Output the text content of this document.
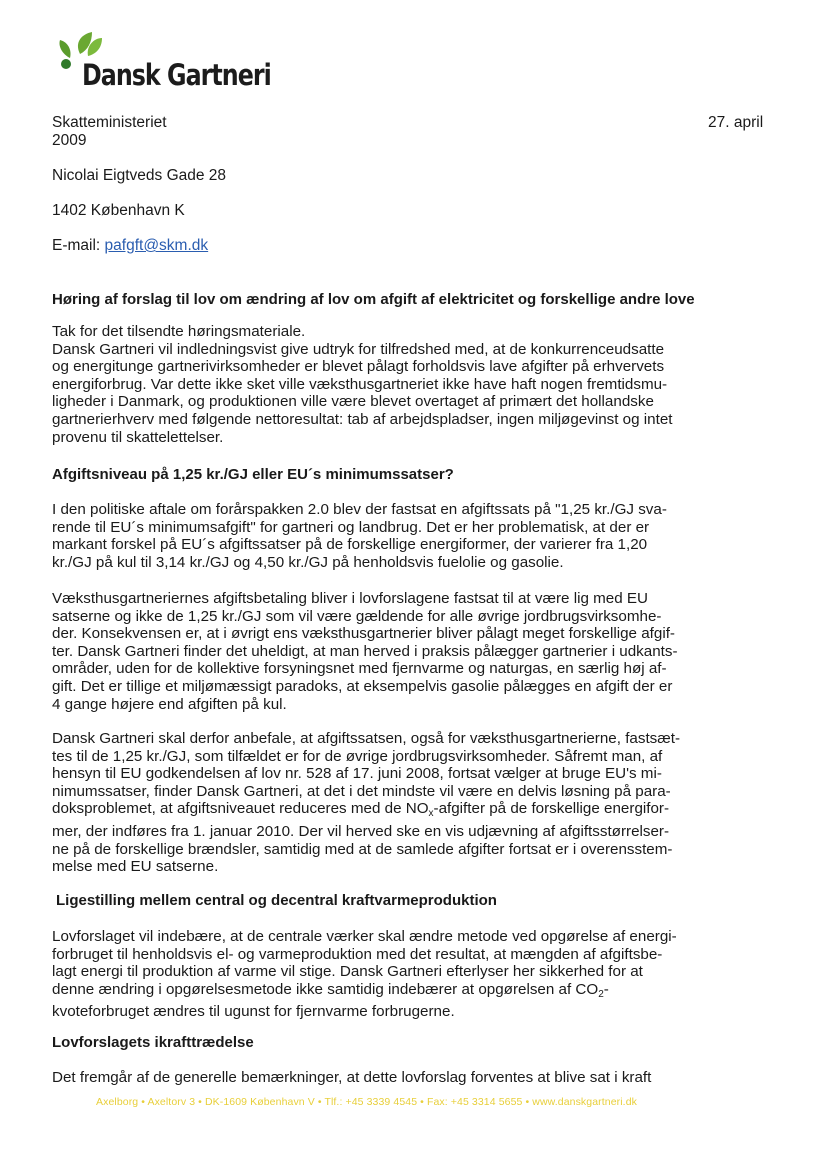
Dansk Gartneri
Skatteministeriet
2009
27. april
Nicolai Eigtveds Gade 28
1402 København K
E-mail: pafgft@skm.dk
Høring af forslag til lov om ændring af lov om afgift af elektricitet og forskellige andre love
Tak for det tilsendte høringsmateriale.
Dansk Gartneri vil indledningsvist give udtryk for tilfredshed med, at de konkurrenceudsatte
og energitunge gartnerivirksomheder er blevet pålagt forholdsvis lave afgifter på erhvervets
energiforbrug. Var dette ikke sket ville væksthusgartneriet ikke have haft nogen fremtidsmu-
ligheder i Danmark, og produktionen ville være blevet overtaget af primært det hollandske
gartnerierhverv med følgende nettoresultat: tab af arbejdspladser, ingen miljøgevinst og intet
provenu til skattelettelser.
Afgiftsniveau på 1,25 kr./GJ eller EU´s minimumssatser?
I den politiske aftale om forårspakken 2.0 blev der fastsat en afgiftssats på "1,25 kr./GJ sva-
rende til EU´s minimumsafgift" for gartneri og landbrug. Det er her problematisk, at der er
markant forskel på EU´s afgiftssatser på de forskellige energiformer, der varierer fra 1,20
kr./GJ på kul til 3,14 kr./GJ og 4,50 kr./GJ på henholdsvis fuelolie og gasolie.
Væksthusgartneriernes afgiftsbetaling bliver i lovforslagene fastsat til at være lig med EU
satserne og ikke de 1,25 kr./GJ som vil være gældende for alle øvrige jordbrugsvirksomhe-
der. Konsekvensen er, at i øvrigt ens væksthusgartnerier bliver pålagt meget forskellige afgif-
ter. Dansk Gartneri finder det uheldigt, at man herved i praksis pålægger gartnerier i udkants-
områder, uden for de kollektive forsyningsnet med fjernvarme og naturgas, en særlig høj af-
gift. Det er tillige et miljømæssigt paradoks, at eksempelvis gasolie pålægges en afgift der er
4 gange højere end afgiften på kul.
Dansk Gartneri skal derfor anbefale, at afgiftssatsen, også for væksthusgartnerierne, fastsæt-
tes til de 1,25 kr./GJ, som tilfældet er for de øvrige jordbrugsvirksomheder. Såfremt man, af
hensyn til EU godkendelsen af lov nr. 528 af 17. juni 2008, fortsat vælger at bruge EU's mi-
nimumssatser, finder Dansk Gartneri, at det i det mindste vil være en delvis løsning på para-
doksproblemet, at afgiftsniveauet reduceres med de $NO_x$-afgifter på de forskellige energifor-
mer, der indføres fra 1. januar 2010. Der vil herved ske en vis udjævning af afgiftsstørrelser-
ne på de forskellige brændsler, samtidig med at de samlede afgifter fortsat er i overensstem-
melse med EU satserne.
Ligestilling mellem central og decentral kraftvarmeproduktion
Lovforslaget vil indebære, at de centrale værker skal ændre metode ved opgørelse af energi-
forbruget til henholdsvis el- og varmeproduktion med det resultat, at mængden af afgiftsbe-
lagt energi til produktion af varme vil stige. Dansk Gartneri efterlyser her sikkerhed for at
denne ændring i opgørelsesmetode ikke samtidig indebærer at opgørelsen af $CO_2-$
kvoteforbruget ændres til ugunst for fjernvarme forbrugerne.
Lovforslagets ikrafttrædelse
Det fremgår af de generelle bemærkninger, at dette lovforslag forventes at blive sat i kraft
Axelborg • Axeltorv 3 • DK-1609 København V • Tlf.: +45 3339 4545 • Fax: +45 3314 5655 • www.danskgartneri.dk
